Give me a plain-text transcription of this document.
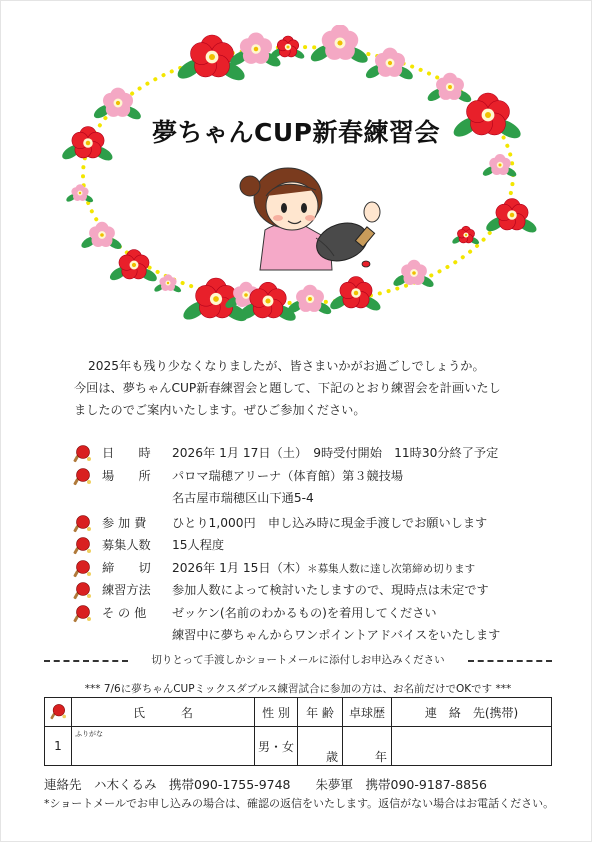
夢ちゃんCUP新春練習会

2025年も残り少なくなりましたが、皆さまいかがお過ごしでしょうか。

今回は、夢ちゃんCUP新春練習会と題して、下記のとおり練習会を計画いたし

ましたのでご案内いたします。ぜひご参加ください。

日　　時	2026年 1月 17日（土）　9時受付開始　11時30分終了予定
場　　所	パロマ瑞穂アリーナ（体育館）第３競技場
名古屋市瑞穂区山下通5-4
参 加 費	ひとり1,000円　申し込み時に現金手渡しでお願いします
募集人数	15人程度
締　　切	2026年 1月 15日（木）＊募集人数に達し次第締め切ります
練習方法	参加人数によって検討いたしますので、現時点は未定です
そ の 他	ゼッケン(名前のわかるもの)を着用してください
練習中に夢ちゃんからワンポイントアドバイスをいたします
切りとって手渡しかショートメールに添付しお申込みください
*** 7/6に夢ちゃんCUPミックスダブルス練習試合に参加の方は、お名前だけでOKです ***
	氏　　　名	性 別	年 齢	卓球歴	連　絡　先(携帯)
1	ふりがな	男・女	歳	年	
連絡先　ハ木くるみ　携帯090-1755-9748　　朱夢軍　携帯090-9187-8856
*ショートメールでお申し込みの場合は、確認の返信をいたします。返信がない場合はお電話ください。
